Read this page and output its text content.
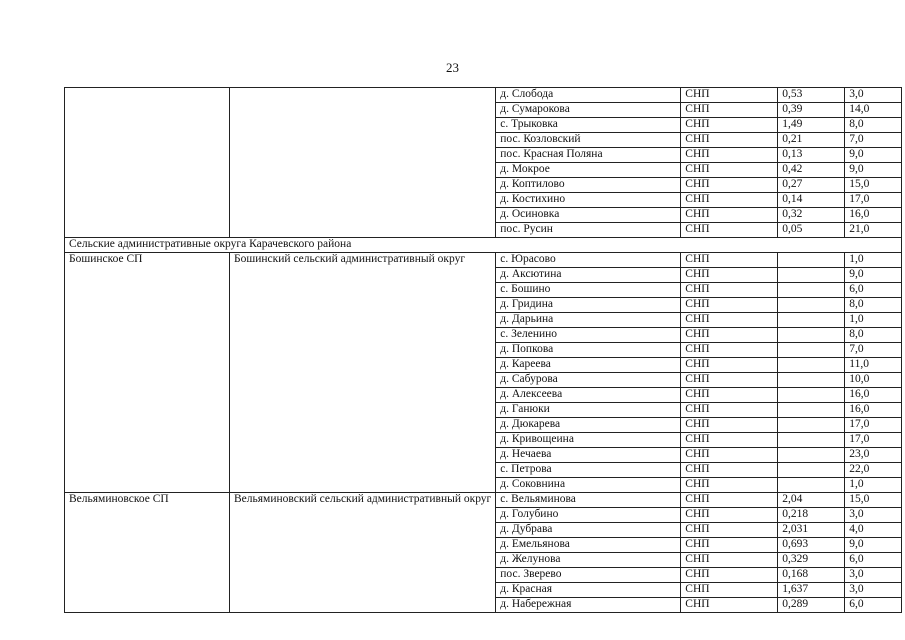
23
		д. Слобода	СНП	0,53	3,0
		д. Сумарокова	СНП	0,39	14,0
		с. Трыковка	СНП	1,49	8,0
		пос. Козловский	СНП	0,21	7,0
		пос. Красная Поляна	СНП	0,13	9,0
		д. Мокрое	СНП	0,42	9,0
		д. Коптилово	СНП	0,27	15,0
		д. Костихино	СНП	0,14	17,0
		д. Осиновка	СНП	0,32	16,0
		пос. Русин	СНП	0,05	21,0
Сельские административные округа Карачевского района					
Бошинское СП	Бошинский сельский административный округ	с. Юрасово	СНП		1,0
		д. Аксютина	СНП		9,0
		с. Бошино	СНП		6,0
		д. Гридина	СНП		8,0
		д. Дарьина	СНП		1,0
		с. Зеленино	СНП		8,0
		д. Попкова	СНП		7,0
		д. Кареева	СНП		11,0
		д. Сабурова	СНП		10,0
		д. Алексеева	СНП		16,0
		д. Ганюки	СНП		16,0
		д. Дюкарева	СНП		17,0
		д. Кривощеина	СНП		17,0
		д. Нечаева	СНП		23,0
		с. Петрова	СНП		22,0
		д. Соковнина	СНП		1,0
Вельяминовское СП	Вельяминовский сельский административный округ	с. Вельяминова	СНП	2,04	15,0
		д. Голубино	СНП	0,218	3,0
		д. Дубрава	СНП	2,031	4,0
		д. Емельянова	СНП	0,693	9,0
		д. Желунова	СНП	0,329	6,0
		пос. Зверево	СНП	0,168	3,0
		д. Красная	СНП	1,637	3,0
		д. Набережная	СНП	0,289	6,0
